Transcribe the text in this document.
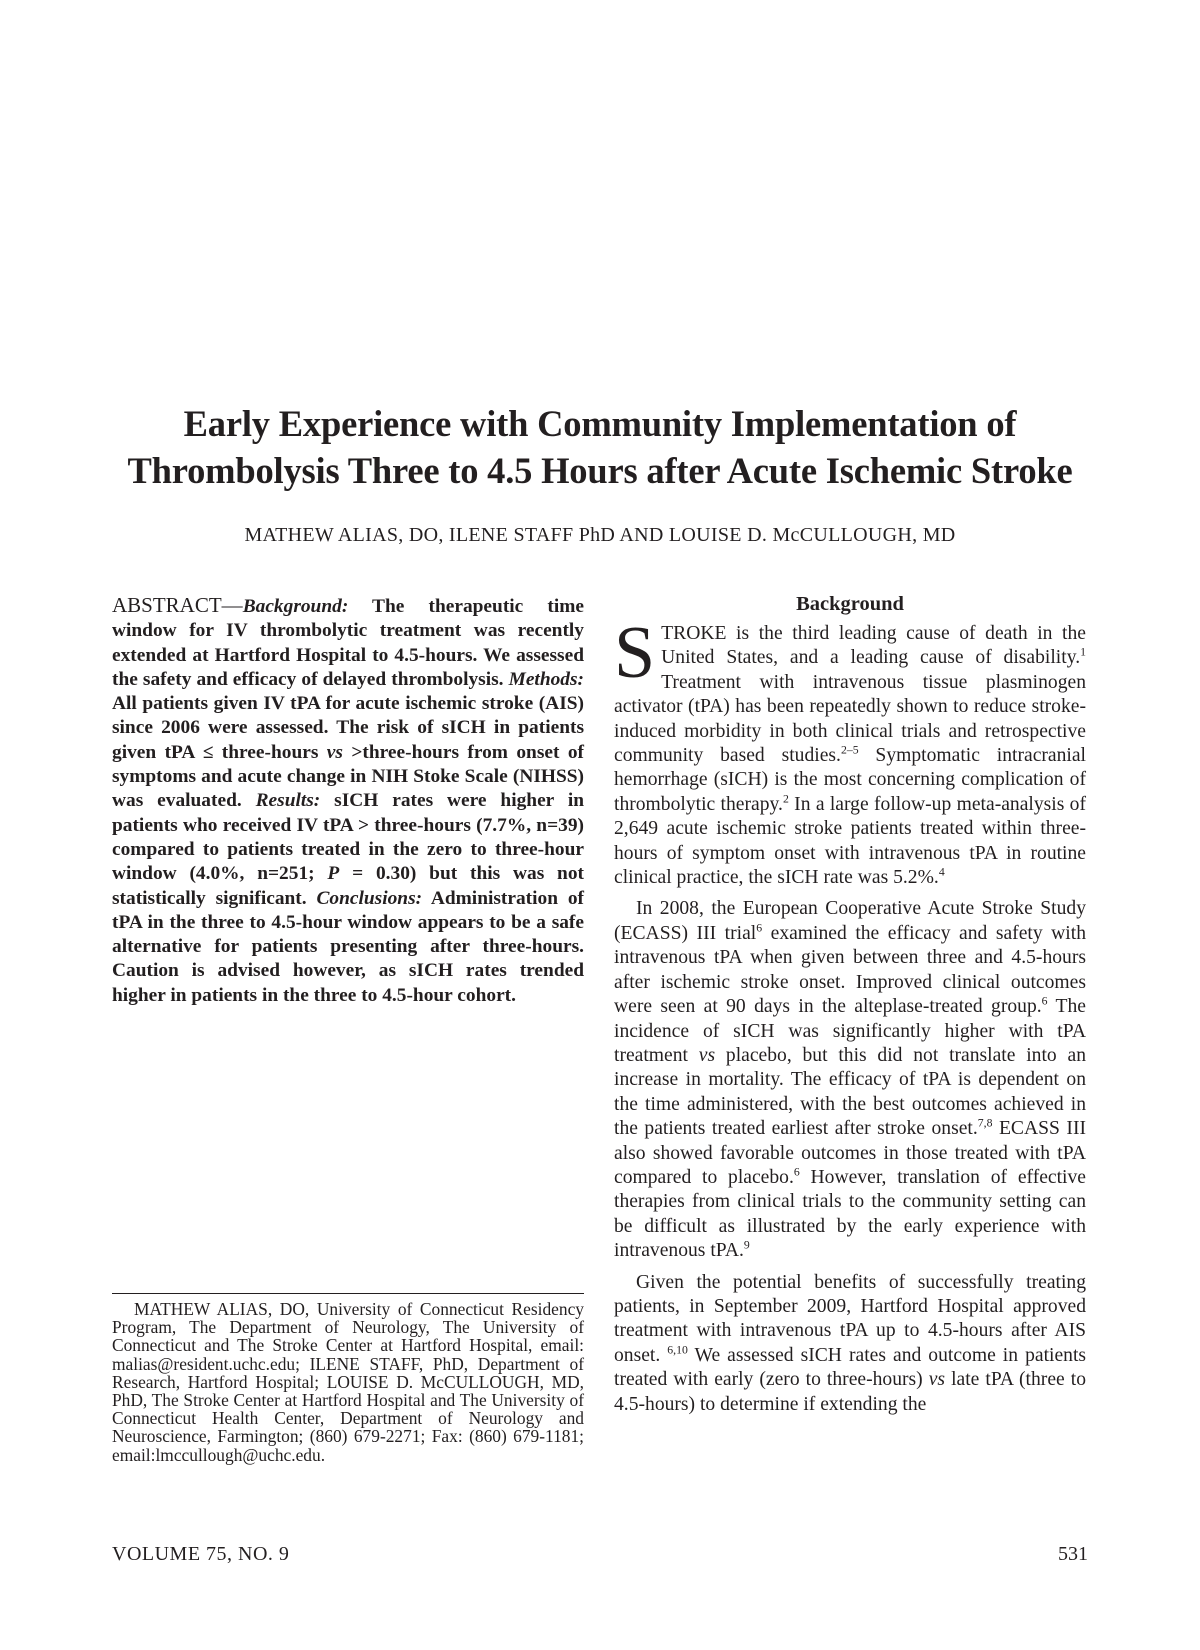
Early Experience with Community Implementation of
Thrombolysis Three to 4.5 Hours after Acute Ischemic Stroke

MATHEW ALIAS, DO, ILENE STAFF PhD AND LOUISE D. McCULLOUGH, MD

ABSTRACT—Background: The therapeutic time window for IV thrombolytic treatment was recently extended at Hartford Hospital to 4.5-hours. We assessed the safety and efficacy of delayed thrombolysis. Methods: All patients given IV tPA for acute ischemic stroke (AIS) since 2006 were assessed. The risk of sICH in patients given tPA ≤ three-hours vs >three-hours from onset of symptoms and acute change in NIH Stoke Scale (NIHSS) was evaluated. Results: sICH rates were higher in patients who received IV tPA > three-hours (7.7%, n=39) compared to patients treated in the zero to three-hour window (4.0%, n=251; P = 0.30) but this was not statistically significant. Conclusions: Administration of tPA in the three to 4.5-hour window appears to be a safe alternative for patients presenting after three-hours. Caution is advised however, as sICH rates trended higher in patients in the three to 4.5-hour cohort.

MATHEW ALIAS, DO, University of Connecticut Residency Program, The Department of Neurology, The University of Connecticut and The Stroke Center at Hartford Hospital, email: malias@resident.uchc.edu; ILENE STAFF, PhD, Department of Research, Hartford Hospital; LOUISE D. McCULLOUGH, MD, PhD, The Stroke Center at Hartford Hospital and The University of Connecticut Health Center, Department of Neurology and Neuroscience, Farmington; (860) 679-2271; Fax: (860) 679-1181; email:lmccullough@uchc.edu.

Background

STROKE is the third leading cause of death in the United States, and a leading cause of disability.$^1$ Treatment with intravenous tissue plasminogen activator (tPA) has been repeatedly shown to reduce stroke-induced morbidity in both clinical trials and retrospective community based studies.$^{2-5}$ Symptomatic intracranial hemorrhage (sICH) is the most concerning complication of thrombolytic therapy.$^2$ In a large follow-up meta-analysis of 2,649 acute ischemic stroke patients treated within three-hours of symptom onset with intravenous tPA in routine clinical practice, the sICH rate was 5.2%.$^4$

In 2008, the European Cooperative Acute Stroke Study (ECASS) III trial$^6$ examined the efficacy and safety with intravenous tPA when given between three and 4.5-hours after ischemic stroke onset. Improved clinical outcomes were seen at 90 days in the alteplase-treated group.$^6$ The incidence of sICH was significantly higher with tPA treatment vs placebo, but this did not translate into an increase in mortality. The efficacy of tPA is dependent on the time administered, with the best outcomes achieved in the patients treated earliest after stroke onset.$^{7,8}$ ECASS III also showed favorable outcomes in those treated with tPA compared to placebo.$^6$ However, translation of effective therapies from clinical trials to the community setting can be difficult as illustrated by the early experience with intravenous tPA.$^9$

Given the potential benefits of successfully treating patients, in September 2009, Hartford Hospital approved treatment with intravenous tPA up to 4.5-hours after AIS onset. $^{6,10}$ We assessed sICH rates and outcome in patients treated with early (zero to three-hours) vs late tPA (three to 4.5-hours) to determine if extending the

VOLUME 75, NO. 9	531
